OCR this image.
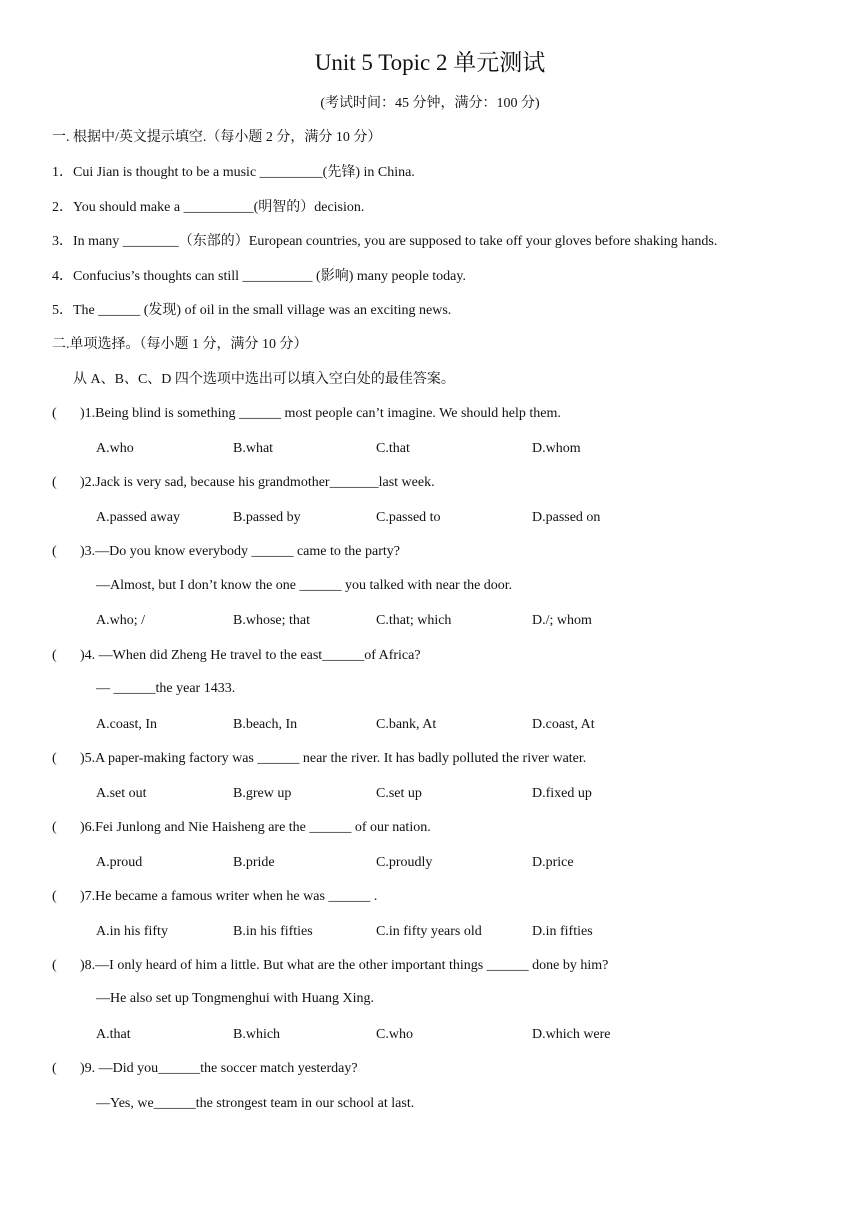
Unit 5 Topic 2 单元测试
(考试时间：45 分钟，满分：100 分)
一. 根据中/英文提示填空.（每小题 2 分，满分 10 分）
1．Cui Jian is thought to be a music _________(先锋) in China.
2．You should make a __________(明智的）decision.
3．In many ________（东部的）European countries, you are supposed to take off your gloves before shaking hands.
4．Confucius’s thoughts can still __________ (影响) many people today.
5．The ______ (发现) of oil in the small village was an exciting news.
二.单项选择。（每小题 1 分，满分 10 分）
从 A、B、C、D 四个选项中选出可以填入空白处的最佳答案。
( )1.Being blind is something ______ most people can’t imagine. We should help them.
A.who	B.what	C.that	D.whom
( )2.Jack is very sad, because his grandmother_______last week.
A.passed away	B.passed by	C.passed to	D.passed on
( )3.—Do you know everybody ______ came to the party?
—Almost, but I don’t know the one ______ you talked with near the door.
A.who; /	B.whose; that	C.that; which	D./; whom
( )4. —When did Zheng He travel to the east______of Africa?
— ______the year 1433.
A.coast, In	B.beach, In	C.bank, At	D.coast, At
( )5.A paper-making factory was ______ near the river. It has badly polluted the river water.
A.set out	B.grew up	C.set up	D.fixed up
( )6.Fei Junlong and Nie Haisheng are the ______ of our nation.
A.proud	B.pride	C.proudly	D.price
( )7.He became a famous writer when he was ______ .
A.in his fifty	B.in his fifties	C.in fifty years old	D.in fifties
( )8.—I only heard of him a little. But what are the other important things ______ done by him?
—He also set up Tongmenghui with Huang Xing.
A.that	B.which	C.who	D.which were
( )9. —Did you______the soccer match yesterday?
—Yes, we______the strongest team in our school at last.
